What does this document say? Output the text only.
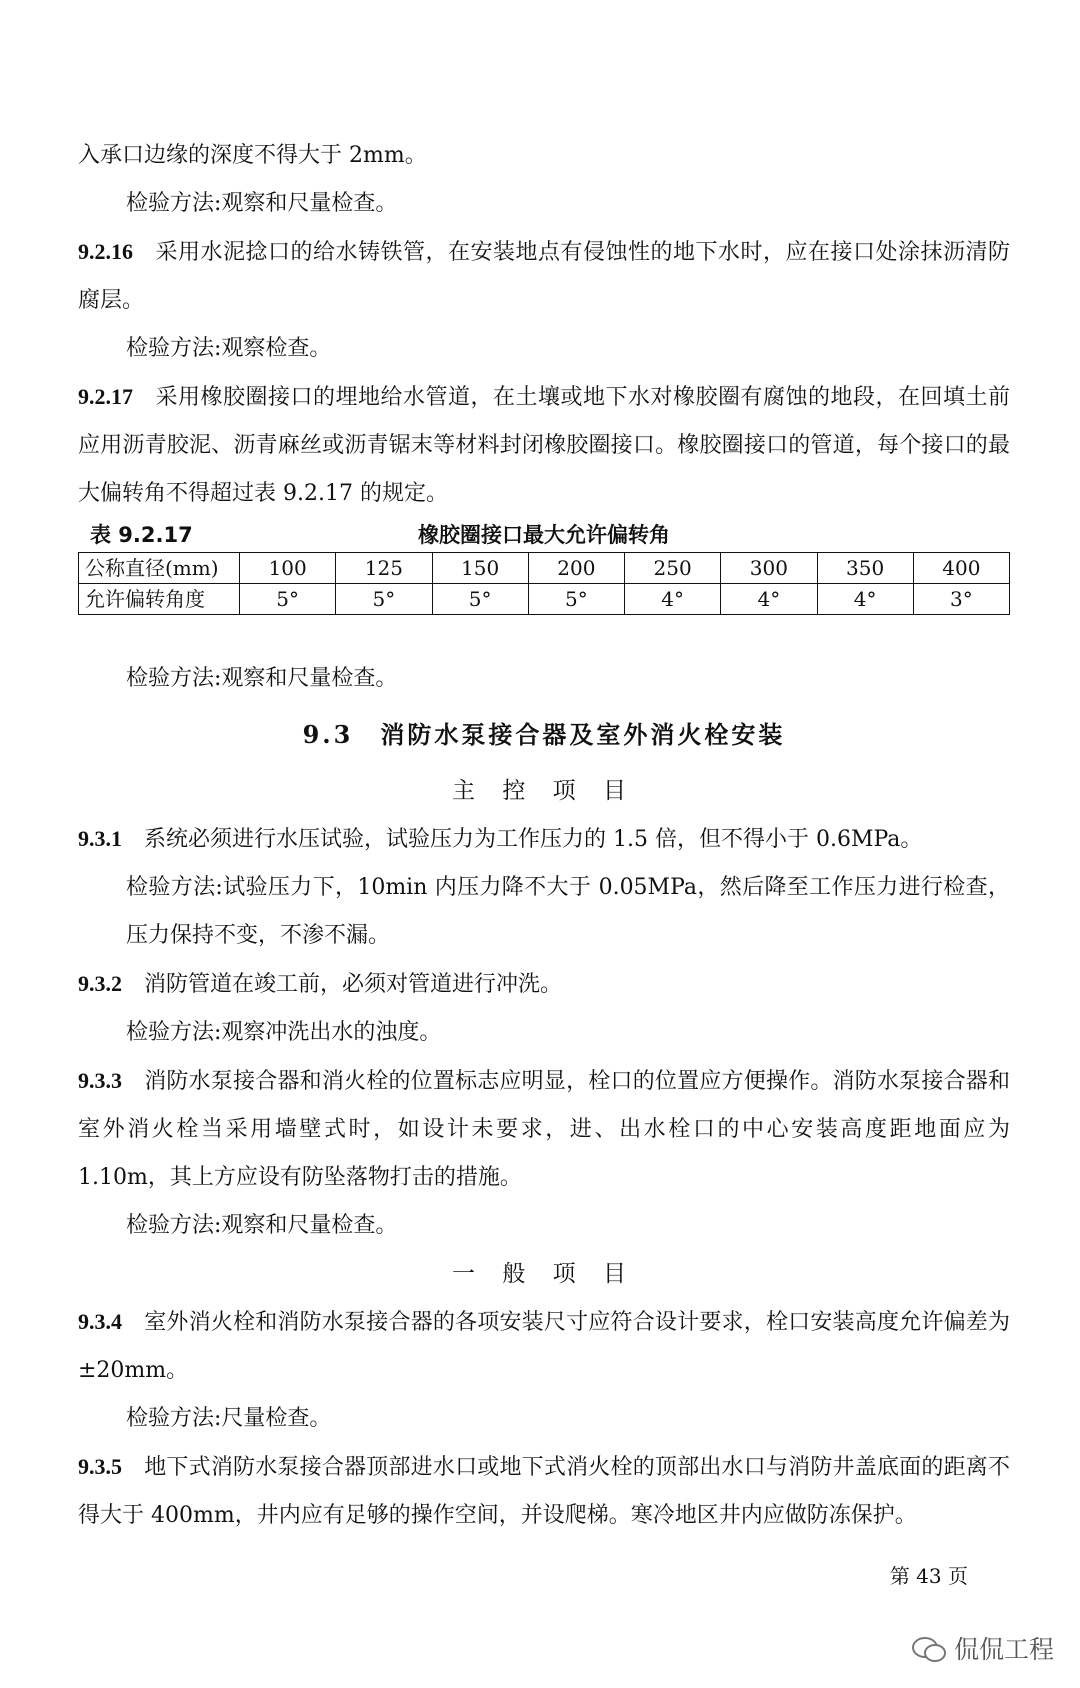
入承口边缘的深度不得大于 2mm。

检验方法:观察和尺量检查。

9.2.16 采用水泥捻口的给水铸铁管，在安装地点有侵蚀性的地下水时，应在接口处涂抹沥清防腐层。

检验方法:观察检查。

9.2.17 采用橡胶圈接口的埋地给水管道，在土壤或地下水对橡胶圈有腐蚀的地段，在回填土前应用沥青胶泥、沥青麻丝或沥青锯末等材料封闭橡胶圈接口。橡胶圈接口的管道，每个接口的最大偏转角不得超过表 9.2.17 的规定。

表 9.2.17	橡胶圈接口最大允许偏转角
公称直径(mm)	100	125	150	200	250	300	350	400
允许偏转角度	5°	5°	5°	5°	4°	4°	4°	3°

检验方法:观察和尺量检查。

9.3　消防水泵接合器及室外消火栓安装
主 控 项 目

9.3.1 系统必须进行水压试验，试验压力为工作压力的 1.5 倍，但不得小于 0.6MPa。

检验方法:试验压力下，10min 内压力降不大于 0.05MPa，然后降至工作压力进行检查，压力保持不变，不渗不漏。

9.3.2 消防管道在竣工前，必须对管道进行冲洗。

检验方法:观察冲洗出水的浊度。

9.3.3 消防水泵接合器和消火栓的位置标志应明显，栓口的位置应方便操作。消防水泵接合器和室外消火栓当采用墙壁式时，如设计未要求，进、出水栓口的中心安装高度距地面应为 1.10m，其上方应设有防坠落物打击的措施。

检验方法:观察和尺量检查。

一 般 项 目

9.3.4 室外消火栓和消防水泵接合器的各项安装尺寸应符合设计要求，栓口安装高度允许偏差为±20mm。

检验方法:尺量检查。

9.3.5 地下式消防水泵接合器顶部进水口或地下式消火栓的顶部出水口与消防井盖底面的距离不得大于 400mm，井内应有足够的操作空间，并设爬梯。寒冷地区井内应做防冻保护。

第 43 页
侃侃工程
